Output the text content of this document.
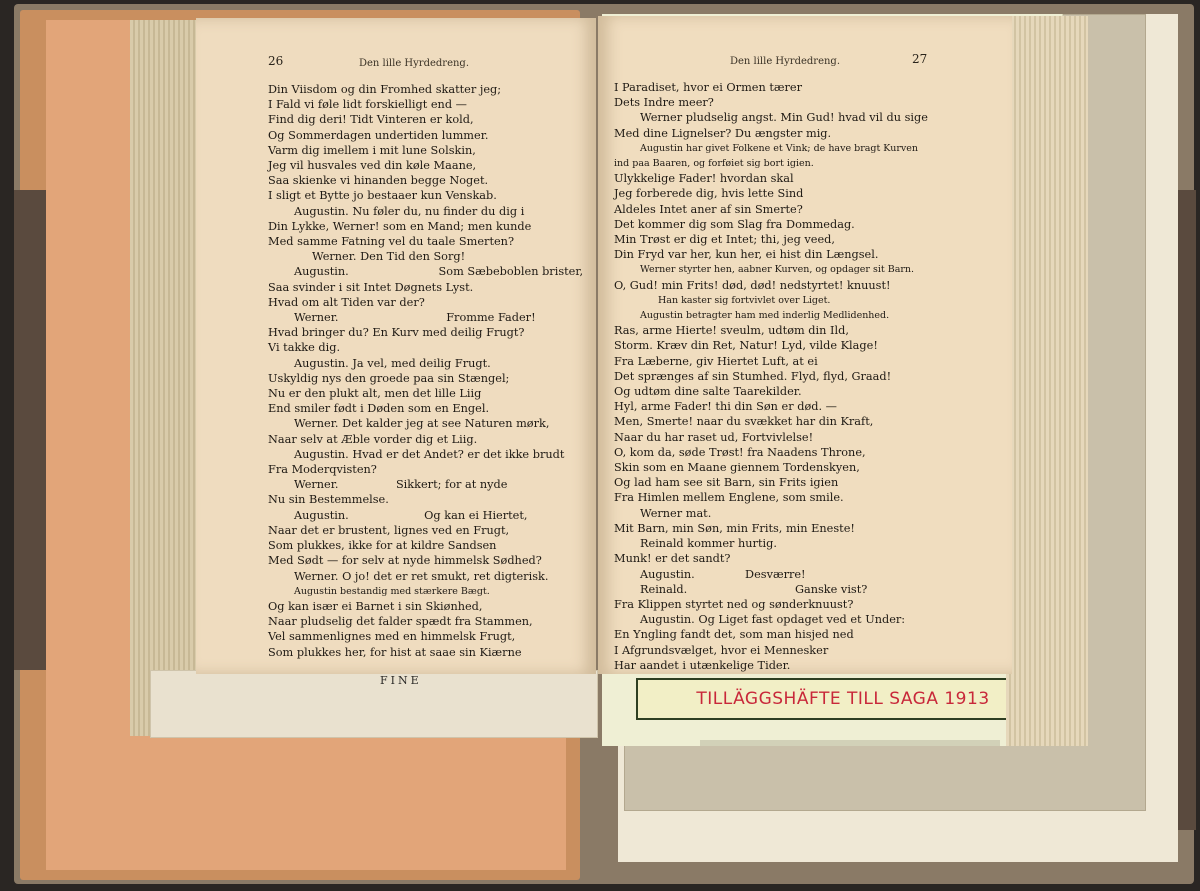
TILLÄGGSHÄFTE TILL SAGA 1913
FINE
26	Den lille Hyrdedreng.
Din Viisdom og din Fromhed skatter jeg;
I Fald vi føle lidt forskielligt end —
Find dig deri! Tidt Vinteren er kold,
Og Sommerdagen undertiden lummer.
Varm dig imellem i mit lune Solskin,
Jeg vil husvales ved din køle Maane,
Saa skienke vi hinanden begge Noget.
I sligt et Bytte jo bestaaer kun Venskab.
Augustin. Nu føler du, nu finder du dig i
Din Lykke, Werner! som en Mand; men kunde
Med samme Fatning vel du taale Smerten?
Werner. Den Tid den Sorg!
Augustin.                         Som Sæbeboblen brister,
Saa svinder i sit Intet Døgnets Lyst.
Hvad om alt Tiden var der?
Werner.                              Fromme Fader!
Hvad bringer du? En Kurv med deilig Frugt?
Vi takke dig.
Augustin. Ja vel, med deilig Frugt.
Uskyldig nys den groede paa sin Stængel;
Nu er den plukt alt, men det lille Liig
End smiler født i Døden som en Engel.
Werner. Det kalder jeg at see Naturen mørk,
Naar selv at Æble vorder dig et Liig.
Augustin. Hvad er det Andet? er det ikke brudt
Fra Moderqvisten?
Werner.                Sikkert; for at nyde
Nu sin Bestemmelse.
Augustin.                     Og kan ei Hiertet,
Naar det er brustent, lignes ved en Frugt,
Som plukkes, ikke for at kildre Sandsen
Med Sødt — for selv at nyde himmelsk Sødhed?
Werner. O jo! det er ret smukt, ret digterisk.
Augustin bestandig med stærkere Bægt.
Og kan især ei Barnet i sin Skiønhed,
Naar pludselig det falder spædt fra Stammen,
Vel sammenlignes med en himmelsk Frugt,
Som plukkes her, for hist at saae sin Kiærne
Den lille Hyrdedreng.	27
I Paradiset, hvor ei Ormen tærer
Dets Indre meer?
Werner pludselig angst. Min Gud! hvad vil du sige
Med dine Lignelser? Du ængster mig.
Augustin har givet Folkene et Vink; de have bragt Kurven
ind paa Baaren, og forføiet sig bort igien.
Ulykkelige Fader! hvordan skal
Jeg forberede dig, hvis lette Sind
Aldeles Intet aner af sin Smerte?
Det kommer dig som Slag fra Dommedag.
Min Trøst er dig et Intet; thi, jeg veed,
Din Fryd var her, kun her, ei hist din Længsel.
Werner styrter hen, aabner Kurven, og opdager sit Barn.
O, Gud! min Frits! død, død! nedstyrtet! knuust!
Han kaster sig fortvivlet over Liget.
Augustin betragter ham med inderlig Medlidenhed.
Ras, arme Hierte! sveulm, udtøm din Ild,
Storm. Kræv din Ret, Natur! Lyd, vilde Klage!
Fra Læberne, giv Hiertet Luft, at ei
Det sprænges af sin Stumhed. Flyd, flyd, Graad!
Og udtøm dine salte Taarekilder.
Hyl, arme Fader! thi din Søn er død. —
Men, Smerte! naar du svækket har din Kraft,
Naar du har raset ud, Fortvivlelse!
O, kom da, søde Trøst! fra Naadens Throne,
Skin som en Maane giennem Tordenskyen,
Og lad ham see sit Barn, sin Frits igien
Fra Himlen mellem Englene, som smile.
Werner mat.
Mit Barn, min Søn, min Frits, min Eneste!
Reinald kommer hurtig.
Munk! er det sandt?
Augustin.              Desværre!
Reinald.                              Ganske vist?
Fra Klippen styrtet ned og sønderknuust?
Augustin. Og Liget fast opdaget ved et Under:
En Yngling fandt det, som man hisjed ned
I Afgrundsvælget, hvor ei Mennesker
Har aandet i utænkelige Tider.
